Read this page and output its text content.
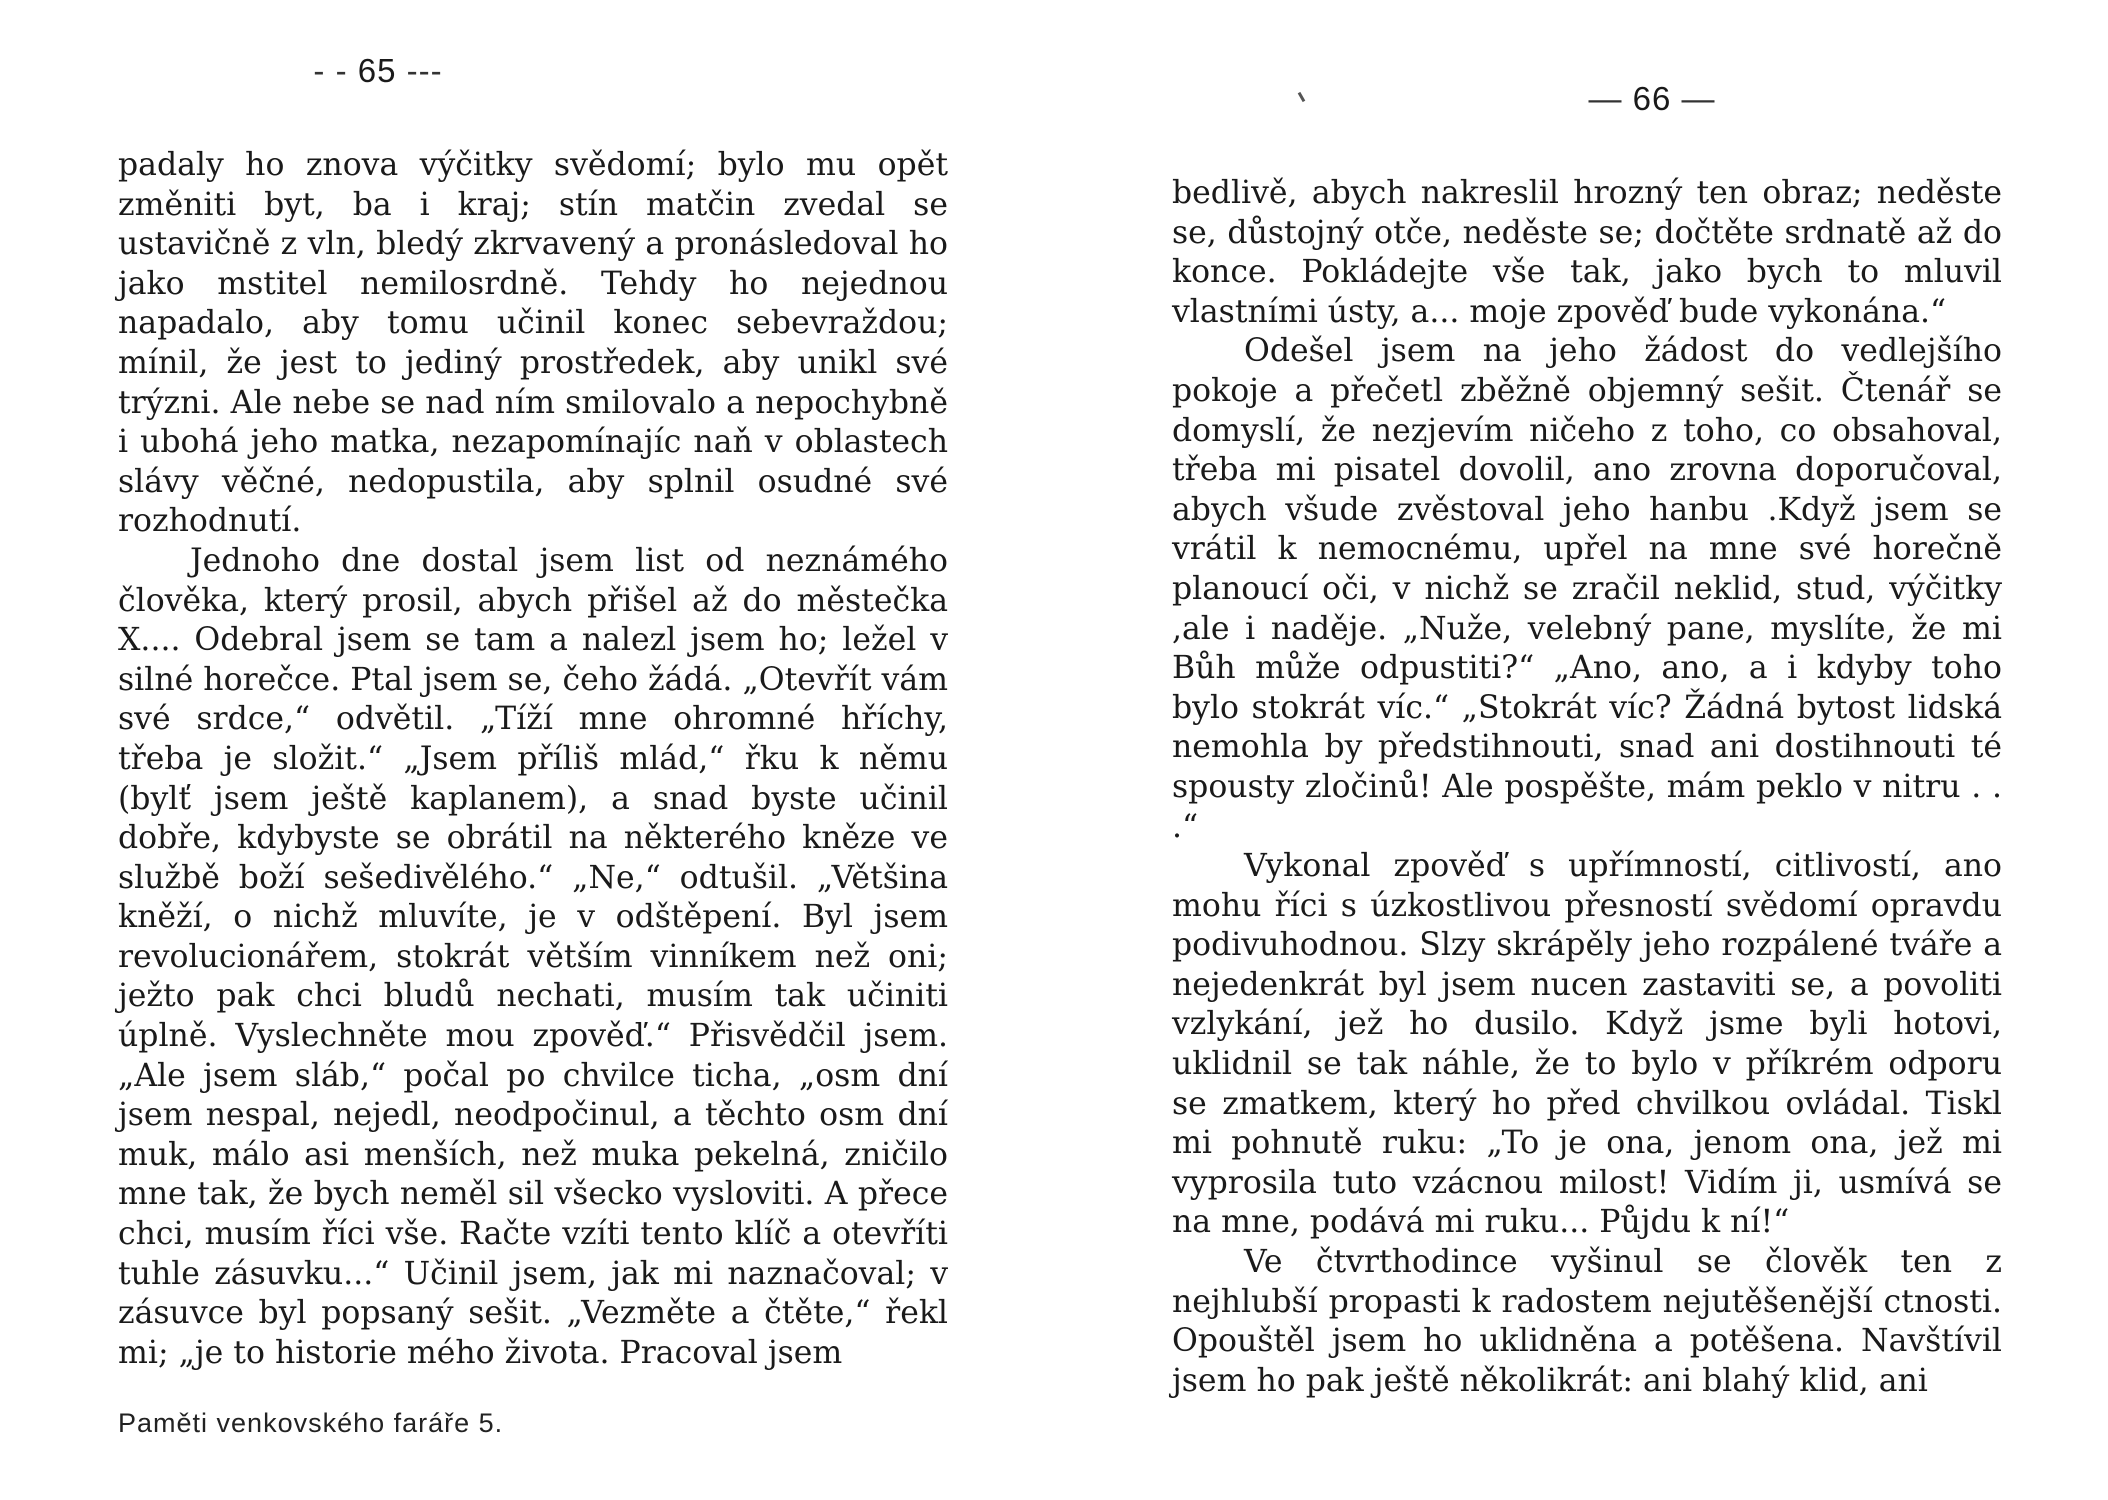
- - 65 ---

padaly ho znova výčitky svědomí; bylo mu opět změniti byt, ba i kraj; stín matčin zvedal se ustavičně z vln, bledý zkrvavený a pronásledoval ho jako mstitel nemilosrdně. Tehdy ho nejednou napadalo, aby tomu učinil konec sebevraždou; mínil, že jest to jediný prostředek, aby unikl své trýzni. Ale nebe se nad ním smilovalo a nepochybně i ubohá jeho matka, nezapomínajíc naň v oblastech slávy věčné, nedopustila, aby splnil osudné své rozhodnutí.

Jednoho dne dostal jsem list od neznámého člověka, který prosil, abych přišel až do městečka X.... Odebral jsem se tam a nalezl jsem ho; ležel v silné horečce. Ptal jsem se, čeho žádá. „Otevřít vám své srdce,“ odvětil. „Tíží mne ohromné hříchy, třeba je složit.“ „Jsem příliš mlád,“ řku k němu (bylť jsem ještě kaplanem), a snad byste učinil dobře, kdybyste se obrátil na některého kněze ve službě boží sešedivělého.“ „Ne,“ odtušil. „Většina kněží, o nichž mluvíte, je v odštěpení. Byl jsem revolucionářem, stokrát větším vinníkem než oni; ježto pak chci bludů nechati, musím tak učiniti úplně. Vyslechněte mou zpověď.“ Přisvědčil jsem. „Ale jsem sláb,“ počal po chvilce ticha, „osm dní jsem nespal, nejedl, neodpočinul, a těchto osm dní muk, málo asi menších, než muka pekelná, zničilo mne tak, že bych neměl sil všecko vysloviti. A přece chci, musím říci vše. Račte vzíti tento klíč a otevříti tuhle zásuvku...“ Učinil jsem, jak mi naznačoval; v zásuvce byl popsaný sešit. „Vezměte a čtěte,“ řekl mi; „je to historie mého života. Pracoval jsem

Paměti venkovského faráře 5.
— 66 —

bedlivě, abych nakreslil hrozný ten obraz; neděste se, důstojný otče, neděste se; dočtěte srdnatě až do konce. Pokládejte vše tak, jako bych to mluvil vlastními ústy, a... moje zpověď bude vykonána.“

Odešel jsem na jeho žádost do vedlejšího pokoje a přečetl zběžně objemný sešit. Čtenář se domyslí, že nezjevím ničeho z toho, co obsahoval, třeba mi pisatel dovolil, ano zrovna doporučoval, abych všude zvěstoval jeho hanbu .Když jsem se vrátil k nemocnému, upřel na mne své horečně planoucí oči, v nichž se zračil neklid, stud, výčitky ,ale i naděje. „Nuže, velebný pane, myslíte, že mi Bůh může odpustiti?“ „Ano, ano, a i kdyby toho bylo stokrát víc.“ „Stokrát víc? Žádná bytost lidská nemohla by předstihnouti, snad ani dostihnouti té spousty zločinů! Ale pospěšte, mám peklo v nitru . . .“

Vykonal zpověď s upřímností, citlivostí, ano mohu říci s úzkostlivou přesností svědomí opravdu podivuhodnou. Slzy skrápěly jeho rozpálené tváře a nejedenkrát byl jsem nucen zastaviti se, a povoliti vzlykání, jež ho dusilo. Když jsme byli hotovi, uklidnil se tak náhle, že to bylo v příkrém odporu se zmatkem, který ho před chvilkou ovládal. Tiskl mi pohnutě ruku: „To je ona, jenom ona, jež mi vyprosila tuto vzácnou milost! Vidím ji, usmívá se na mne, podává mi ruku... Půjdu k ní!“

Ve čtvrthodince vyšinul se člověk ten z nejhlubší propasti k radostem nejutěšenější ctnosti. Opouštěl jsem ho uklidněna a potěšena. Navštívil jsem ho pak ještě několikrát: ani blahý klid, ani
